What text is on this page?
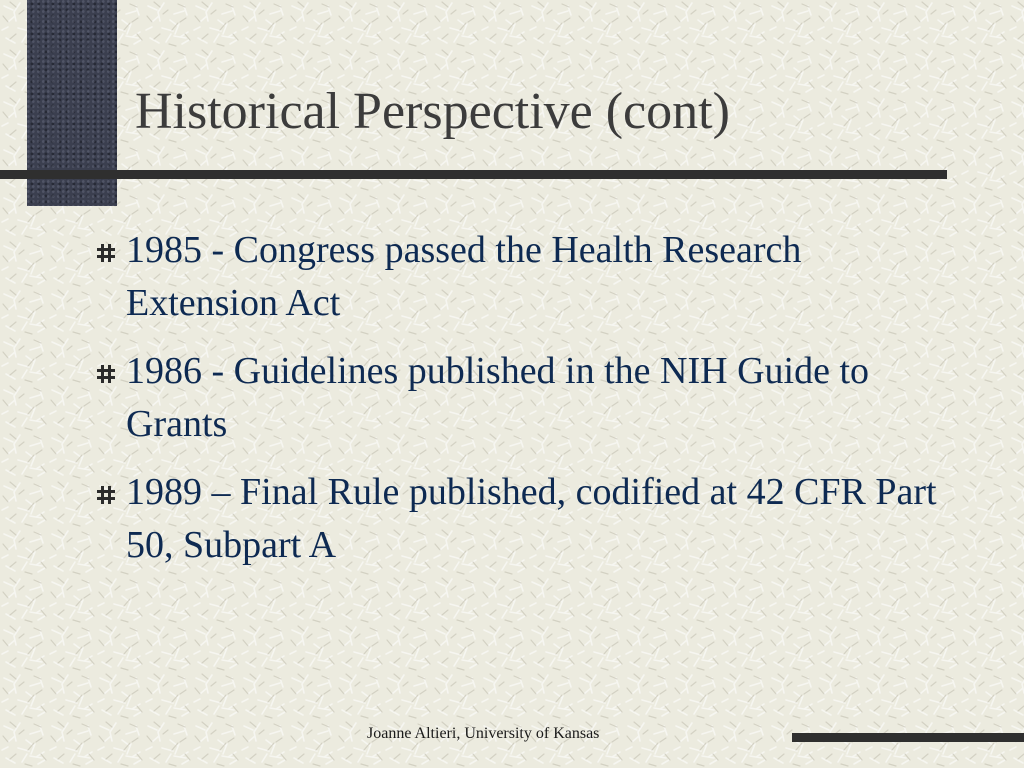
Historical Perspective (cont)
1985 - Congress passed the Health Research Extension Act
1986 - Guidelines published in the NIH Guide to Grants
1989 – Final Rule published, codified at 42 CFR Part 50, Subpart A
Joanne Altieri, University of Kansas
